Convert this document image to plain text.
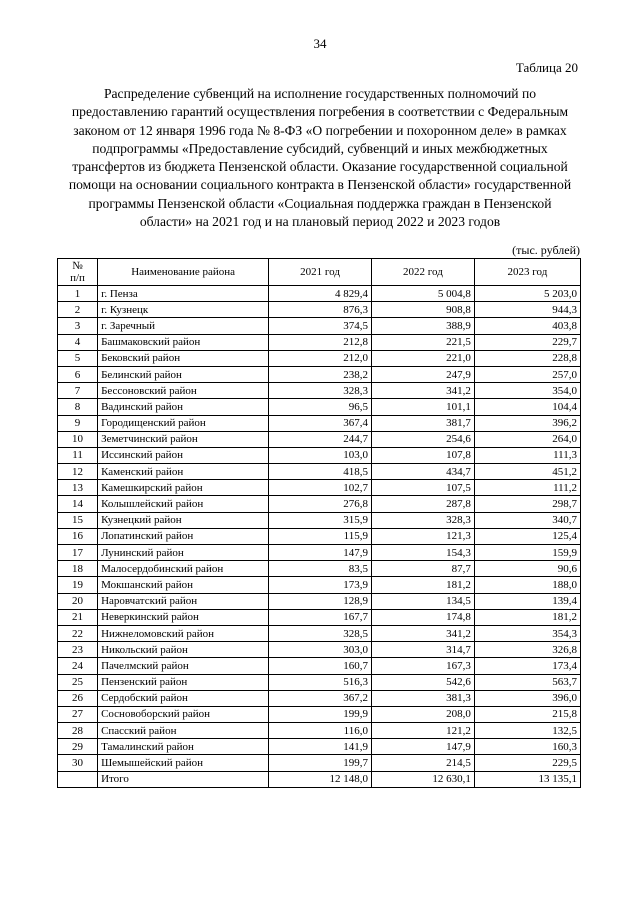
34
Таблица 20
Распределение субвенций на исполнение государственных полномочий по предоставлению гарантий осуществления погребения в соответствии с Федеральным законом от 12 января 1996 года № 8-ФЗ «О погребении и похоронном деле» в рамках подпрограммы «Предоставление субсидий, субвенций и иных межбюджетных трансфертов из бюджета Пензенской области. Оказание государственной социальной помощи на основании социального контракта в Пензенской области» государственной программы Пензенской области «Социальная поддержка граждан в Пензенской области» на 2021 год и на плановый период 2022 и 2023 годов
(тыс. рублей)
№
п/п	Наименование района	2021 год	2022 год	2023 год
1	г. Пенза	4 829,4	5 004,8	5 203,0
2	г. Кузнецк	876,3	908,8	944,3
3	г. Заречный	374,5	388,9	403,8
4	Башмаковский район	212,8	221,5	229,7
5	Бековский район	212,0	221,0	228,8
6	Белинский район	238,2	247,9	257,0
7	Бессоновский район	328,3	341,2	354,0
8	Вадинский район	96,5	101,1	104,4
9	Городищенский район	367,4	381,7	396,2
10	Земетчинский район	244,7	254,6	264,0
11	Иссинский район	103,0	107,8	111,3
12	Каменский район	418,5	434,7	451,2
13	Камешкирский район	102,7	107,5	111,2
14	Колышлейский район	276,8	287,8	298,7
15	Кузнецкий район	315,9	328,3	340,7
16	Лопатинский район	115,9	121,3	125,4
17	Лунинский район	147,9	154,3	159,9
18	Малосердобинский район	83,5	87,7	90,6
19	Мокшанский район	173,9	181,2	188,0
20	Наровчатский район	128,9	134,5	139,4
21	Неверкинский район	167,7	174,8	181,2
22	Нижнеломовский район	328,5	341,2	354,3
23	Никольский район	303,0	314,7	326,8
24	Пачелмский район	160,7	167,3	173,4
25	Пензенский район	516,3	542,6	563,7
26	Сердобский район	367,2	381,3	396,0
27	Сосновоборский район	199,9	208,0	215,8
28	Спасский район	116,0	121,2	132,5
29	Тамалинский район	141,9	147,9	160,3
30	Шемышейский район	199,7	214,5	229,5
	Итого	12 148,0	12 630,1	13 135,1
